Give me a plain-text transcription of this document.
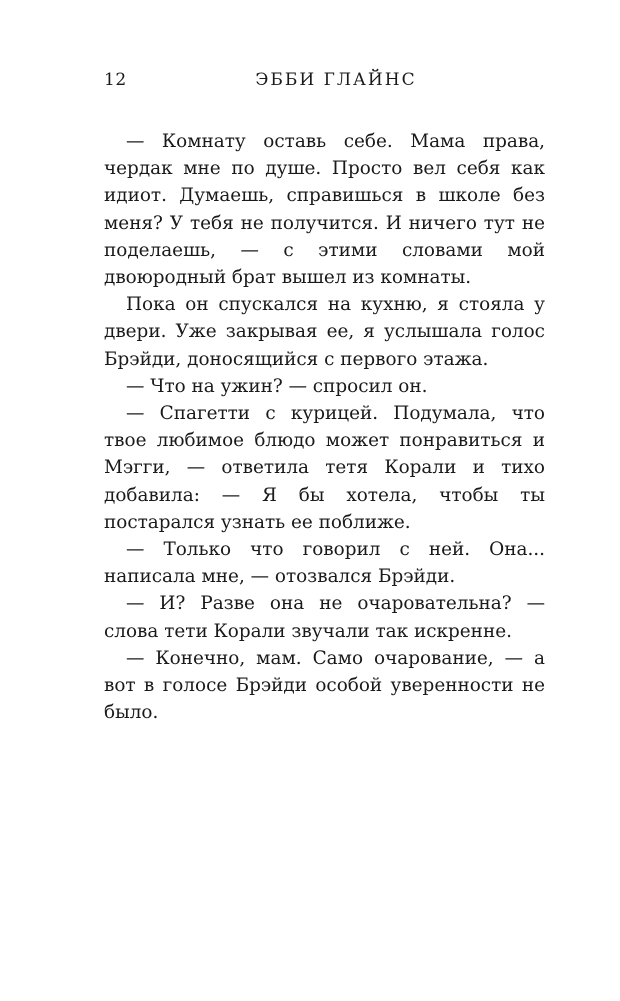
12	ЭББИ ГЛАЙНС

— Комнату оставь себе. Мама права, чердак мне по душе. Просто вел себя как идиот. Думаешь, справишься в школе без меня? У тебя не получится. И ничего тут не поделаешь, — с этими словами мой двоюродный брат вышел из комнаты.

Пока он спускался на кухню, я стояла у двери. Уже закрывая ее, я услышала голос Брэйди, доносящийся с первого этажа.

— Что на ужин? — спросил он.

— Спагетти с курицей. Подумала, что твое любимое блюдо может понравиться и Мэгги, — ответила тетя Корали и тихо добавила: — Я бы хотела, чтобы ты постарался узнать ее поближе.

— Только что говорил с ней. Она... написала мне, — отозвался Брэйди.

— И? Разве она не очаровательна? — слова тети Корали звучали так искренне.

— Конечно, мам. Само очарование, — а вот в голосе Брэйди особой уверенности не было.
